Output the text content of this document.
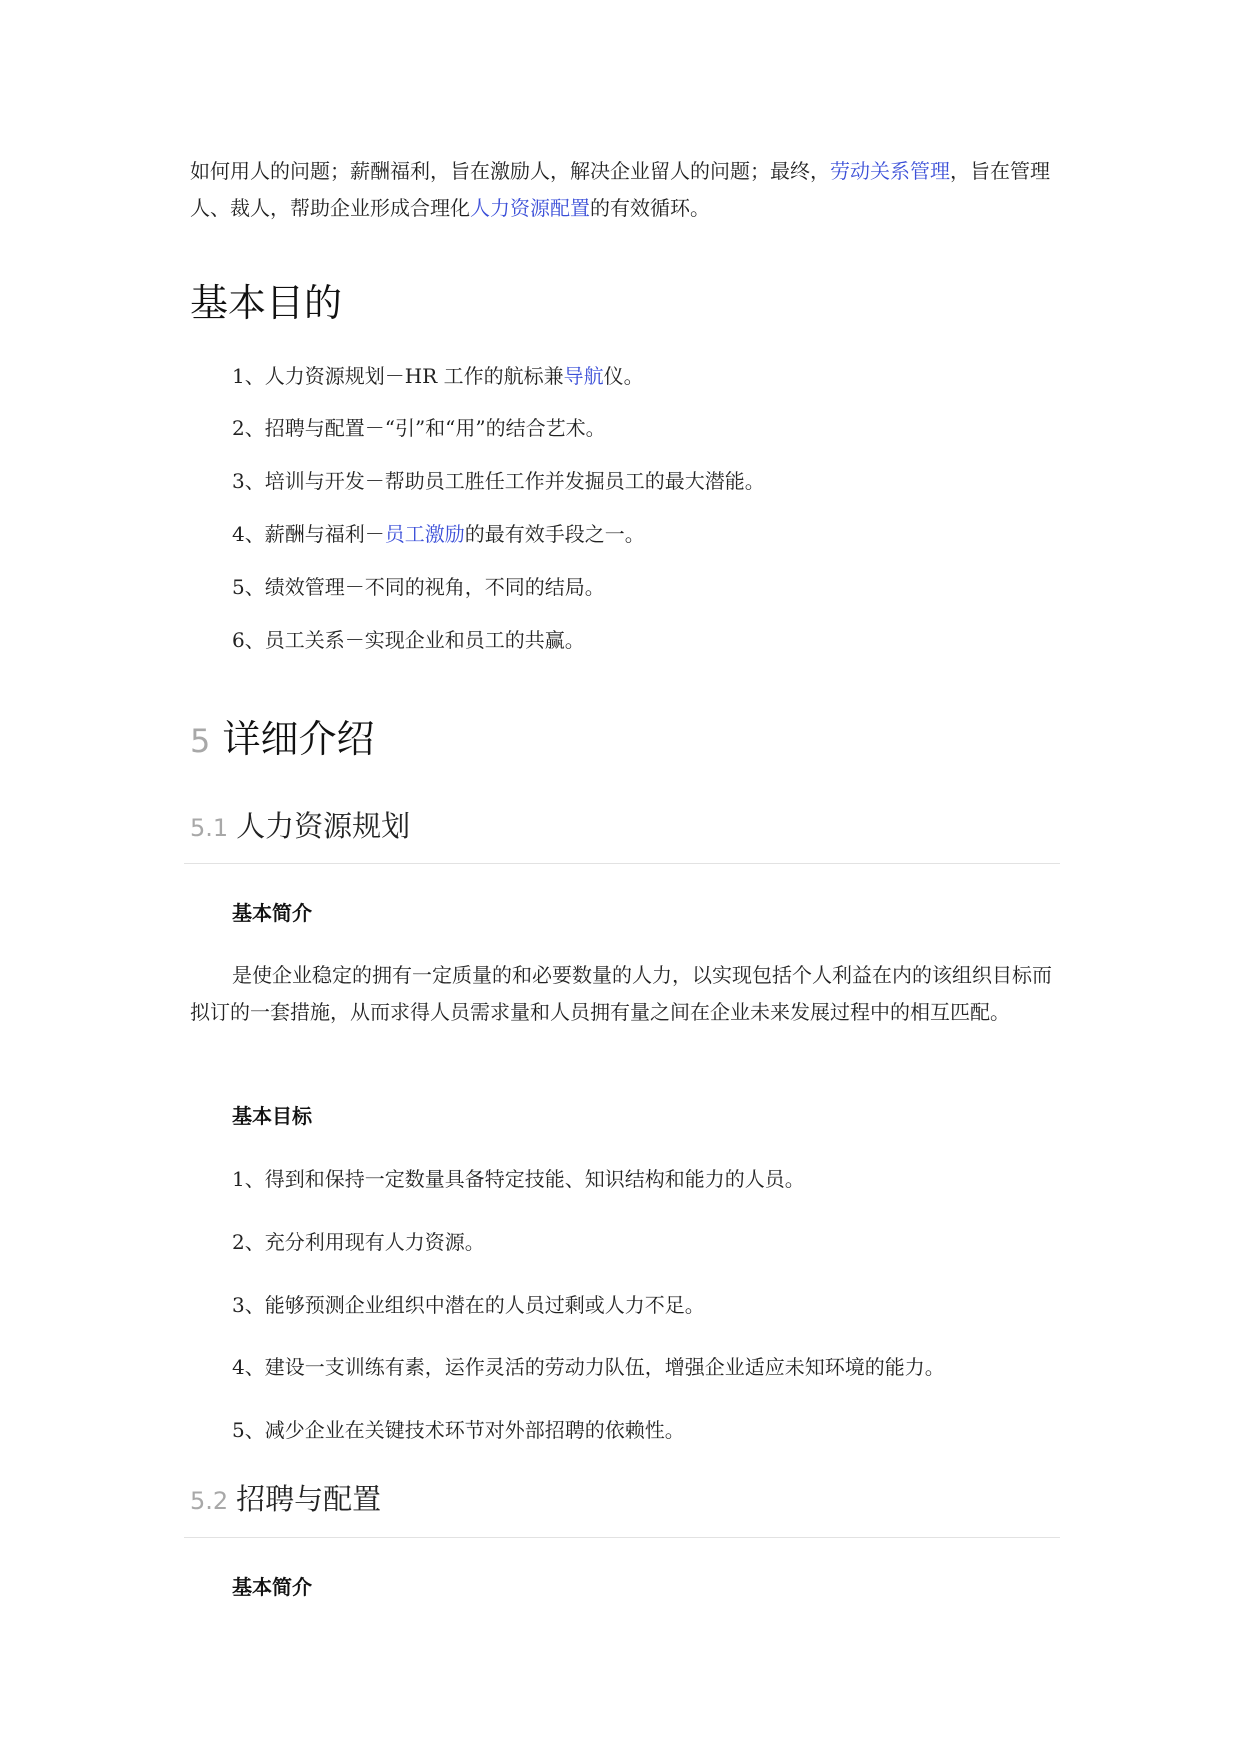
如何用人的问题；薪酬福利，旨在激励人，解决企业留人的问题；最终，劳动关系管理，旨在管理人、裁人，帮助企业形成合理化人力资源配置的有效循环。

基本目的
1、人力资源规划－HR 工作的航标兼导航仪。
2、招聘与配置－“引”和“用”的结合艺术。
3、培训与开发－帮助员工胜任工作并发掘员工的最大潜能。
4、薪酬与福利－员工激励的最有效手段之一。
5、绩效管理－不同的视角，不同的结局。
6、员工关系－实现企业和员工的共赢。
5 详细介绍
5.1 人力资源规划
基本简介

是使企业稳定的拥有一定质量的和必要数量的人力，以实现包括个人利益在内的该组织目标而拟订的一套措施，从而求得人员需求量和人员拥有量之间在企业未来发展过程中的相互匹配。

基本目标
1、得到和保持一定数量具备特定技能、知识结构和能力的人员。
2、充分利用现有人力资源。
3、能够预测企业组织中潜在的人员过剩或人力不足。
4、建设一支训练有素，运作灵活的劳动力队伍，增强企业适应未知环境的能力。
5、减少企业在关键技术环节对外部招聘的依赖性。
5.2 招聘与配置
基本简介
